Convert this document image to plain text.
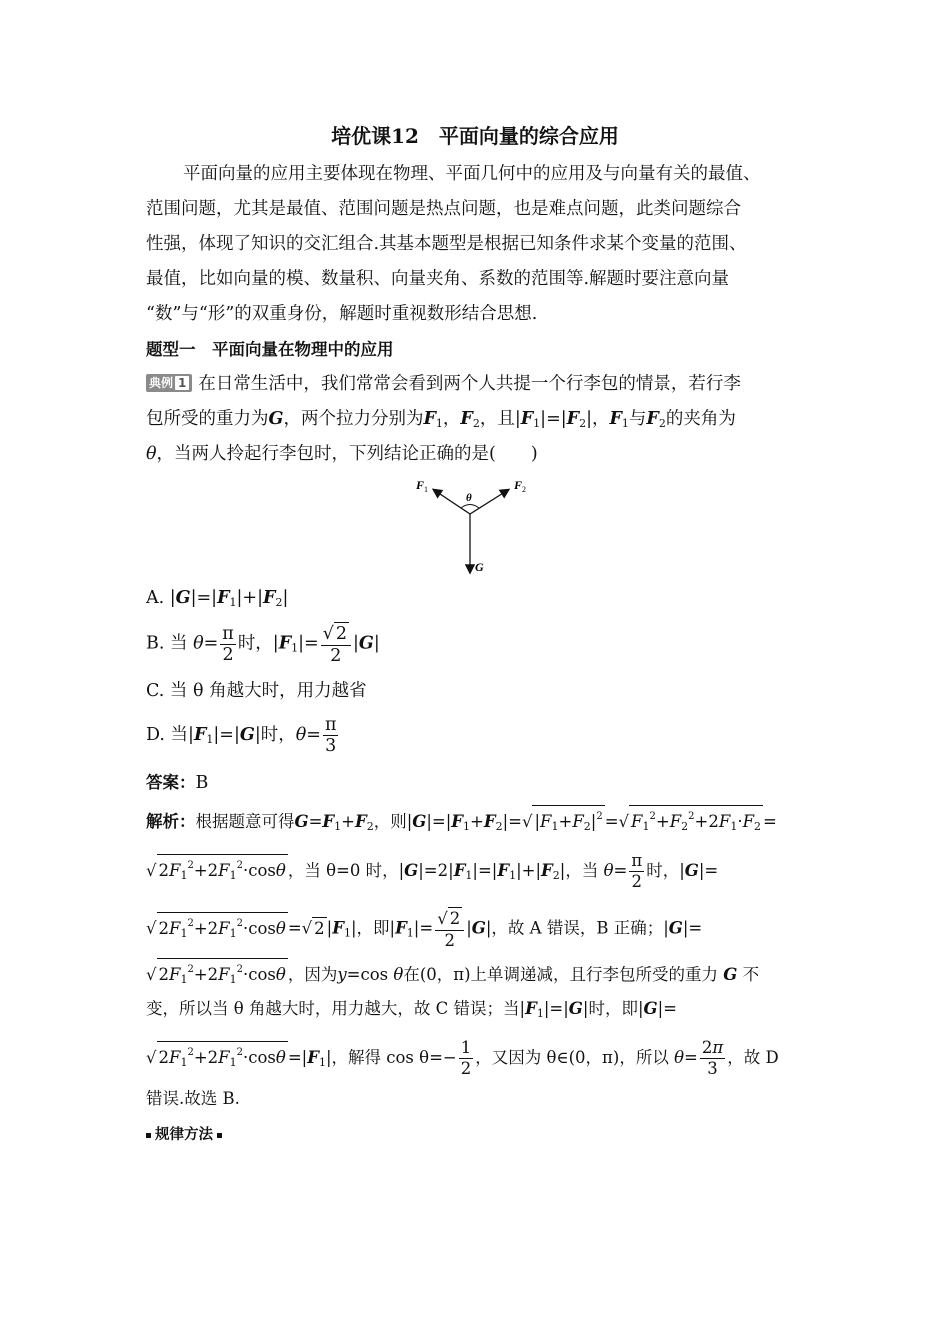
培优课12　平面向量的综合应用
平面向量的应用主要体现在物理、平面几何中的应用及与向量有关的最值、
范围问题，尤其是最值、范围问题是热点问题，也是难点问题，此类问题综合
性强，体现了知识的交汇组合.其基本题型是根据已知条件求某个变量的范围、
最值，比如向量的模、数量积、向量夹角、系数的范围等.解题时要注意向量
“数”与“形”的双重身份，解题时重视数形结合思想.
题型一　平面向量在物理中的应用
典例 1 在日常生活中，我们常常会看到两个人共提一个行李包的情景，若行李
包所受的重力为G，两个拉力分别为$F_1$，$F_2$，且$|F_1|=|F_2|$，$F_1$与$F_2$的夹角为
θ，当两人拎起行李包时，下列结论正确的是(　　)
$F_1$	$F_2$
θ
G
A. $|G|=|F_1|+|F_2|$
B. 当 $\theta= \frac{\pi}{2}$ 时，$|F_1|= \frac{√ 2}{2} |G|$
C. 当 θ 角越大时，用力越省
D. 当$|F_1|=|G|$时，$\theta= \frac{\pi}{3}$
答案：B
解析：根据题意可得$G=F_1+F_2$，则$|G|=|F_1+F_2|=√$ $|F_1+F_2|^2$ =√ $F_1^2+F_2^2+2F_1\cdot F_2$ =
√ $2F_1^2+2F_1^2\cdot\cos\theta$ ，当 θ=0 时，$|G|=2|F_1|=|F_1|+|F_2|$，当 $\theta= \frac{\pi}{2}$ 时，|G|=
√ $2F_1^2+2F_1^2\cdot\cos\theta$ =√ 2 $|F_1|$，即$|F_1|= \frac{√ 2}{2} |G|$，故 A 错误，B 正确；|G|=
√ $2F_1^2+2F_1^2\cdot\cos\theta$ ，因为y=cos θ在(0，π)上单调递减，且行李包所受的重力 G 不
变，所以当 θ 角越大时，用力越大，故 C 错误；当$|F_1|=|G|$时，即|G|=
√ $2F_1^2+2F_1^2\cdot\cos\theta =|F_1|$，解得 $\cos \theta=- \frac{1}{2}$ ，又因为 θ∈(0，π)，所以 $\theta= \frac{2\pi}{3}$ ，故 D
错误.故选 B.
规律方法
